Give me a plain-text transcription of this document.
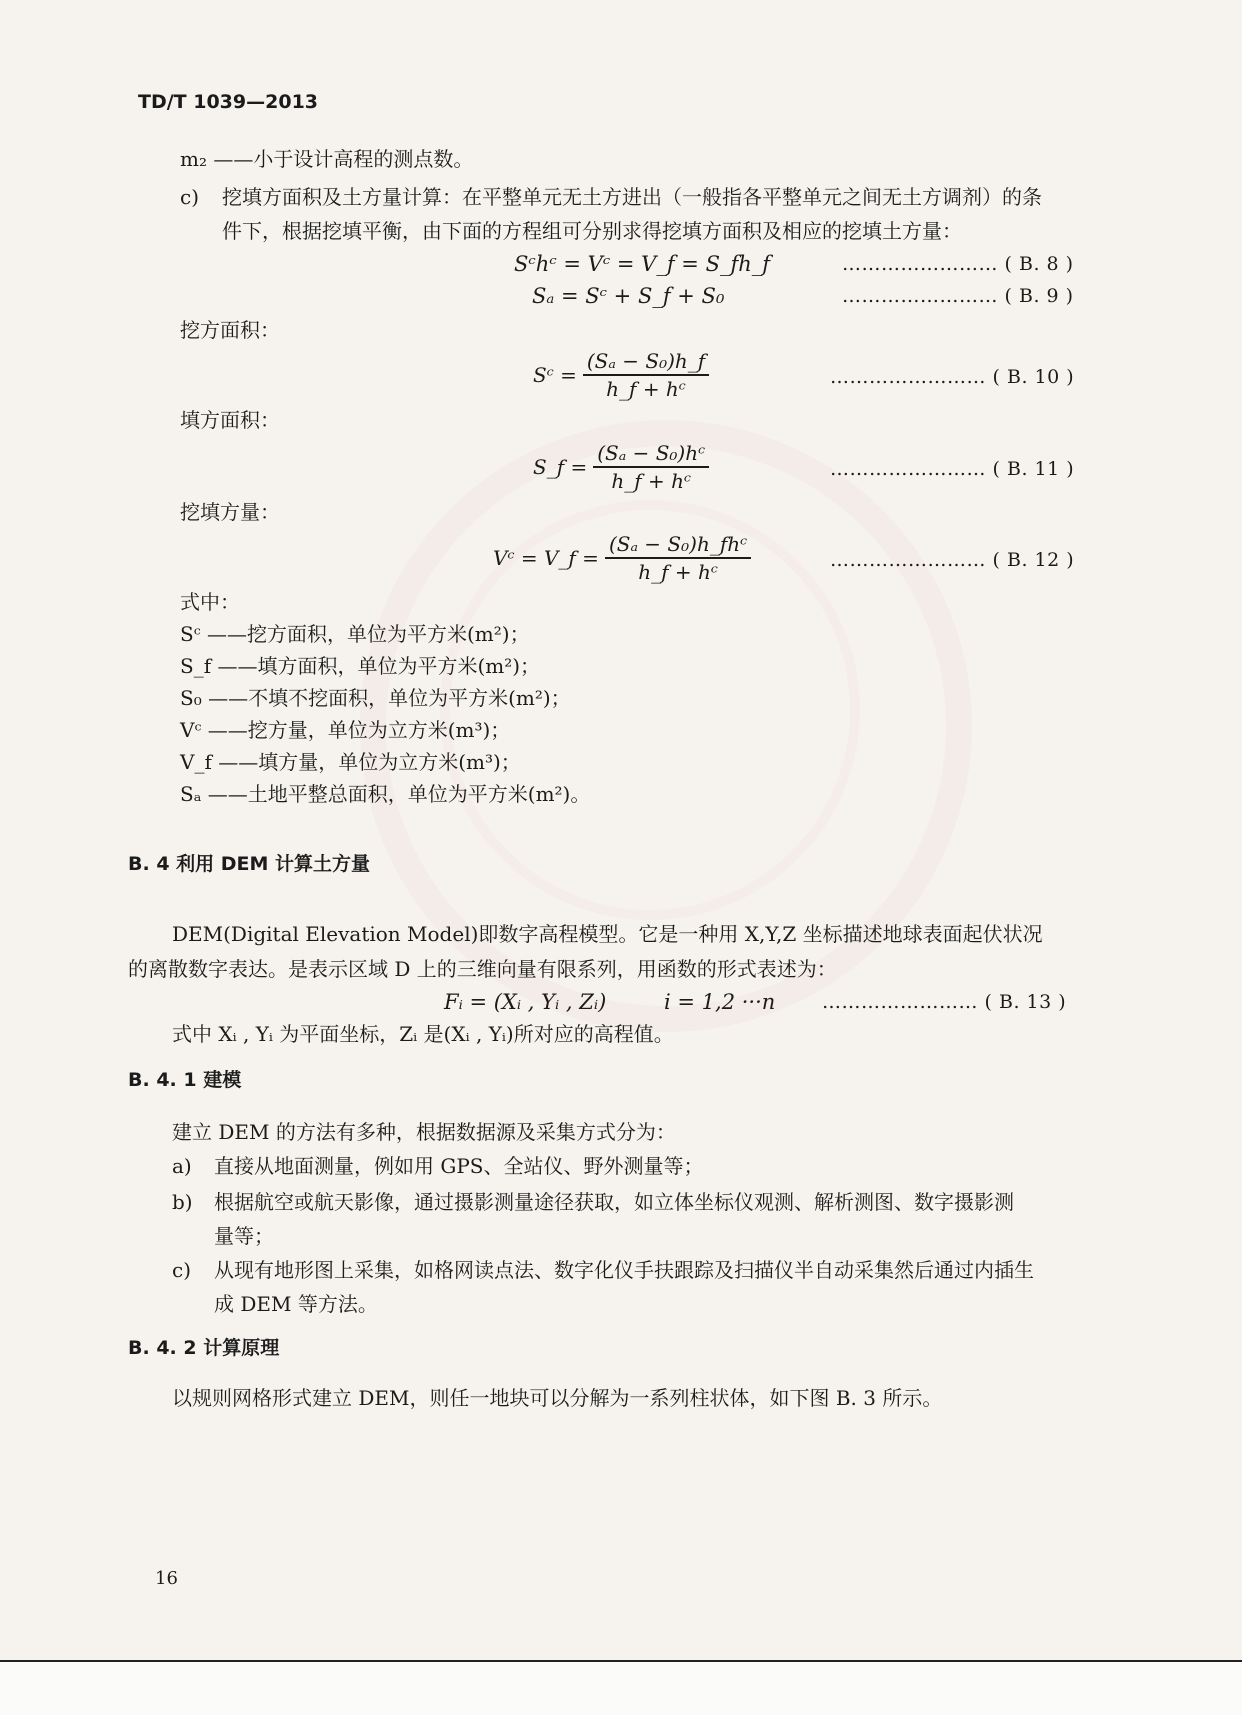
TD/T 1039—2013
m₂ ——小于设计高程的测点数。
c) 挖填方面积及土方量计算：在平整单元无土方进出（一般指各平整单元之间无土方调剂）的条
件下，根据挖填平衡，由下面的方程组可分别求得挖填方面积及相应的挖填土方量：
Sᶜhᶜ = Vᶜ = V_f = S_fh_f	…………………… ( B. 8 )
Sₐ = Sᶜ + S_f + S₀	…………………… ( B. 9 )
挖方面积：
Sᶜ = $\frac{\text{(Sₐ − S₀)h\_f}}{\text{h\_f + hᶜ}}$	…………………… ( B. 10 )
填方面积：
S_f = $\frac{\text{(Sₐ − S₀)hᶜ}}{\text{h\_f + hᶜ}}$	…………………… ( B. 11 )
挖填方量：
Vᶜ = V_f = $\frac{\text{(Sₐ − S₀)h\_fhᶜ}}{\text{h\_f + hᶜ}}$	…………………… ( B. 12 )
式中：
Sᶜ ——挖方面积，单位为平方米(m²)；
S_f ——填方面积，单位为平方米(m²)；
S₀ ——不填不挖面积，单位为平方米(m²)；
Vᶜ ——挖方量，单位为立方米(m³)；
V_f ——填方量，单位为立方米(m³)；
Sₐ ——土地平整总面积，单位为平方米(m²)。
B. 4 利用 DEM 计算土方量
DEM(Digital Elevation Model)即数字高程模型。它是一种用 X,Y,Z 坐标描述地球表面起伏状况
的离散数字表达。是表示区域 D 上的三维向量有限系列，用函数的形式表述为：
Fᵢ = (Xᵢ , Yᵢ , Zᵢ)	i = 1,2 ···n …………………… ( B. 13 )
式中 Xᵢ , Yᵢ 为平面坐标，Zᵢ 是(Xᵢ , Yᵢ)所对应的高程值。
B. 4. 1 建模
建立 DEM 的方法有多种，根据数据源及采集方式分为：
a) 直接从地面测量，例如用 GPS、全站仪、野外测量等；
b) 根据航空或航天影像，通过摄影测量途径获取，如立体坐标仪观测、解析测图、数字摄影测
量等；
c) 从现有地形图上采集，如格网读点法、数字化仪手扶跟踪及扫描仪半自动采集然后通过内插生
成 DEM 等方法。
B. 4. 2 计算原理
以规则网格形式建立 DEM，则任一地块可以分解为一系列柱状体，如下图 B. 3 所示。
16
